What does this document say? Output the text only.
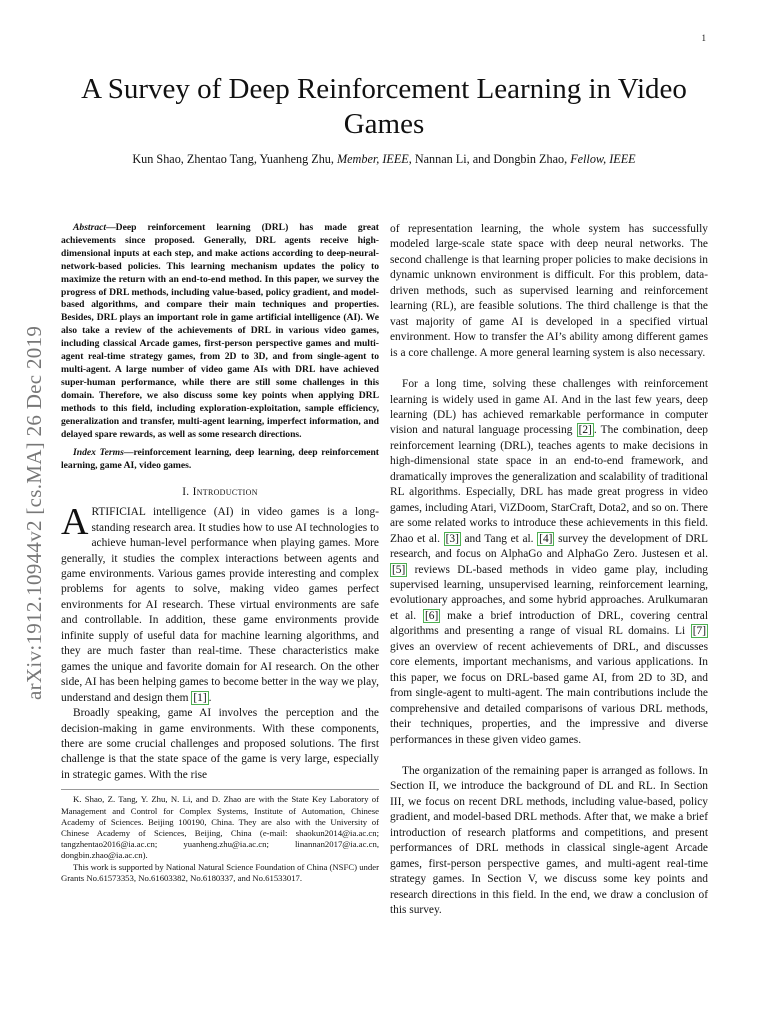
1
arXiv:1912.10944v2 [cs.MA] 26 Dec 2019
A Survey of Deep Reinforcement Learning in Video
Games
Kun Shao, Zhentao Tang, Yuanheng Zhu, Member, IEEE, Nannan Li, and Dongbin Zhao, Fellow, IEEE

Abstract—Deep reinforcement learning (DRL) has made great achievements since proposed. Generally, DRL agents receive high-dimensional inputs at each step, and make actions according to deep-neural-network-based policies. This learning mechanism updates the policy to maximize the return with an end-to-end method. In this paper, we survey the progress of DRL methods, including value-based, policy gradient, and model-based algorithms, and compare their main techniques and properties. Besides, DRL plays an important role in game artificial intelligence (AI). We also take a review of the achievements of DRL in various video games, including classical Arcade games, first-person perspective games and multi-agent real-time strategy games, from 2D to 3D, and from single-agent to multi-agent. A large number of video game AIs with DRL have achieved super-human performance, while there are still some challenges in this domain. Therefore, we also discuss some key points when applying DRL methods to this field, including exploration-exploitation, sample efficiency, generalization and transfer, multi-agent learning, imperfect information, and delayed spare rewards, as well as some research directions.

Index Terms—reinforcement learning, deep learning, deep reinforcement learning, game AI, video games.

I. Introduction

ARTIFICIAL intelligence (AI) in video games is a long-standing research area. It studies how to use AI technologies to achieve human-level performance when playing games. More generally, it studies the complex interactions between agents and game environments. Various games provide interesting and complex problems for agents to solve, making video games perfect environments for AI research. These virtual environments are safe and controllable. In addition, these game environments provide infinite supply of useful data for machine learning algorithms, and they are much faster than real-time. These characteristics make games the unique and favorite domain for AI research. On the other side, AI has been helping games to become better in the way we play, understand and design them [1] .

Broadly speaking, game AI involves the perception and the decision-making in game environments. With these components, there are some crucial challenges and proposed solutions. The first challenge is that the state space of the game is very large, especially in strategic games. With the rise

K. Shao, Z. Tang, Y. Zhu, N. Li, and D. Zhao are with the State Key Laboratory of Management and Control for Complex Systems, Institute of Automation, Chinese Academy of Sciences. Beijing 100190, China. They are also with the University of Chinese Academy of Sciences, Beijing, China (e-mail: shaokun2014@ia.ac.cn; tangzhentao2016@ia.ac.cn; yuanheng.zhu@ia.ac.cn; linannan2017@ia.ac.cn, dongbin.zhao@ia.ac.cn).

This work is supported by National Natural Science Foundation of China (NSFC) under Grants No.61573353, No.61603382, No.6180337, and No.61533017.

of representation learning, the whole system has successfully modeled large-scale state space with deep neural networks. The second challenge is that learning proper policies to make decisions in dynamic unknown environment is difficult. For this problem, data-driven methods, such as supervised learning and reinforcement learning (RL), are feasible solutions. The third challenge is that the vast majority of game AI is developed in a specified virtual environment. How to transfer the AI’s ability among different games is a core challenge. A more general learning system is also necessary.

For a long time, solving these challenges with reinforcement learning is widely used in game AI. And in the last few years, deep learning (DL) has achieved remarkable performance in computer vision and natural language processing [2] . The combination, deep reinforcement learning (DRL), teaches agents to make decisions in high-dimensional state space in an end-to-end framework, and dramatically improves the generalization and scalability of traditional RL algorithms. Especially, DRL has made great progress in video games, including Atari, ViZDoom, StarCraft, Dota2, and so on. There are some related works to introduce these achievements in this field. Zhao et al. [3] and Tang et al. [4] survey the development of DRL research, and focus on AlphaGo and AlphaGo Zero. Justesen et al. [5] reviews DL-based methods in video game play, including supervised learning, unsupervised learning, reinforcement learning, evolutionary approaches, and some hybrid approaches. Arulkumaran et al. [6] make a brief introduction of DRL, covering central algorithms and presenting a range of visual RL domains. Li [7] gives an overview of recent achievements of DRL, and discusses core elements, important mechanisms, and various applications. In this paper, we focus on DRL-based game AI, from 2D to 3D, and from single-agent to multi-agent. The main contributions include the comprehensive and detailed comparisons of various DRL methods, their techniques, properties, and the impressive and diverse performances in these given video games.

The organization of the remaining paper is arranged as follows. In Section II, we introduce the background of DL and RL. In Section III, we focus on recent DRL methods, including value-based, policy gradient, and model-based DRL methods. After that, we make a brief introduction of research platforms and competitions, and present performances of DRL methods in classical single-agent Arcade games, first-person perspective games, and multi-agent real-time strategy games. In Section V, we discuss some key points and research directions in this field. In the end, we draw a conclusion of this survey.
